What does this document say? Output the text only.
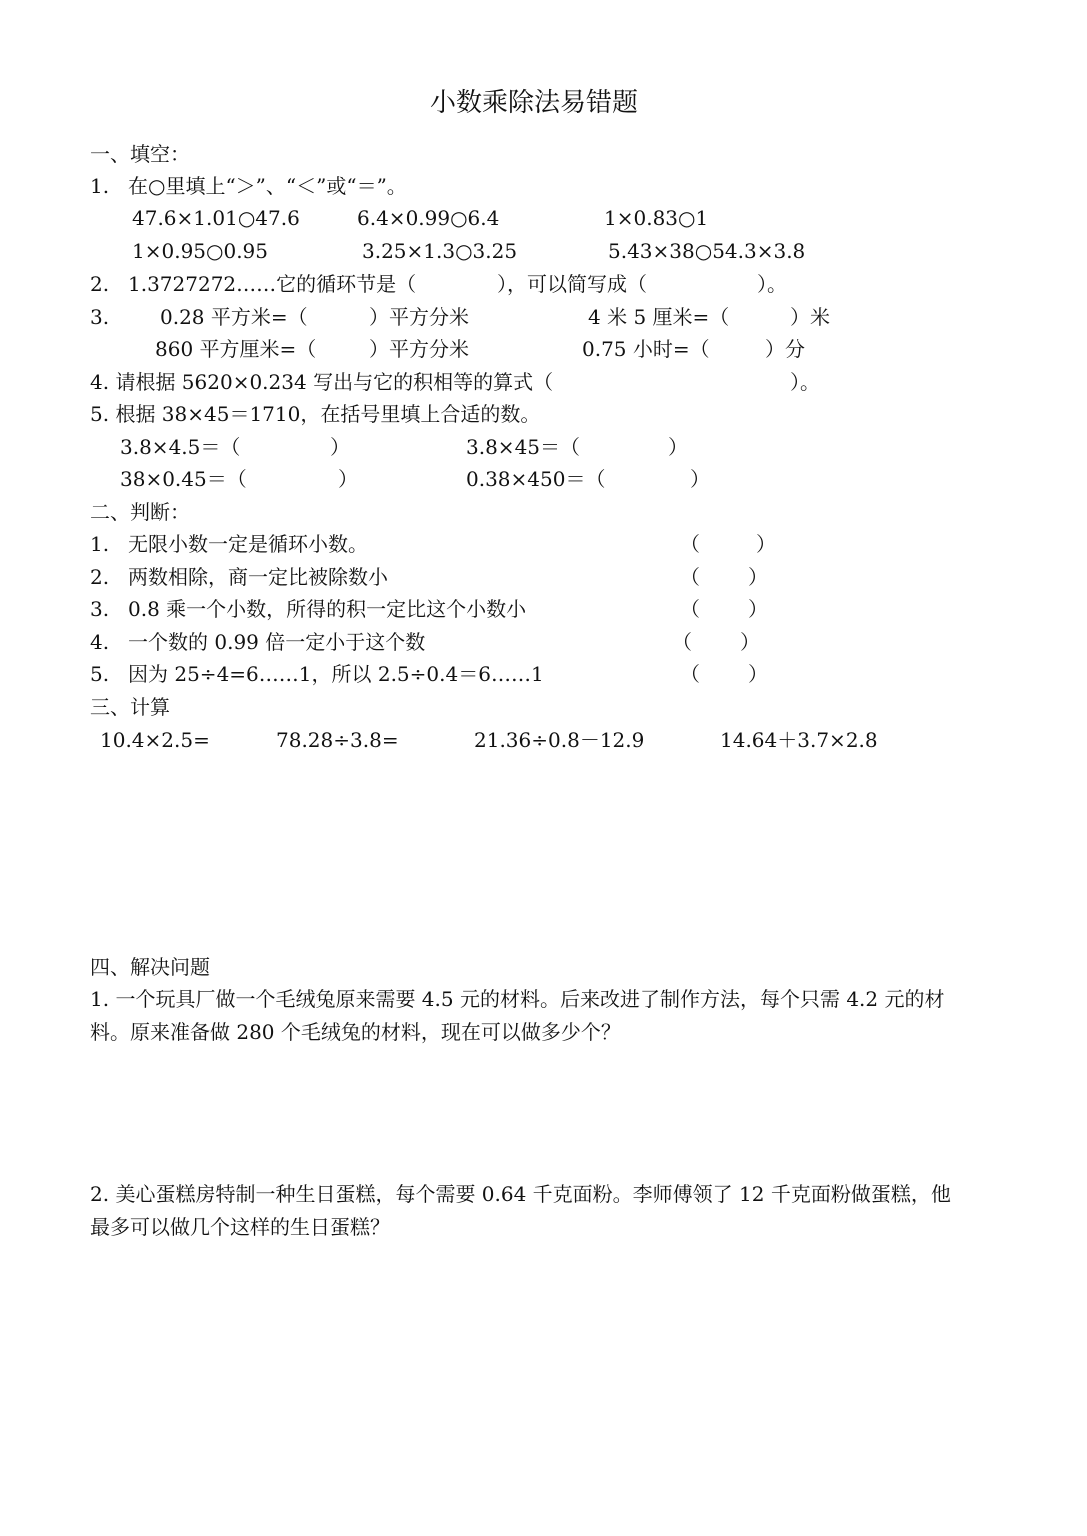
小数乘除法易错题
一、填空：
1. 在○里填上“＞”、“＜”或“＝”。
47.6×1.01○47.6	6.4×0.99○6.4	1×0.83○1
1×0.95○0.95	3.25×1.3○3.25	5.43×38○54.3×3.8
2. 1.3727272……它的循环节是（	），可以简写成（	）。
3.	0.28 平方米=（	）平方分米	4 米 5 厘米=（	）米
860 平方厘米=（	）平方分米	0.75 小时=（	）分
4. 请根据 5620×0.234 写出与它的积相等的算式（	）。
5. 根据 38×45＝1710，在括号里填上合适的数。
3.8×4.5＝（	）	3.8×45＝（	）
38×0.45＝（	）	0.38×450＝（	）
二、判断：
1. 无限小数一定是循环小数。	（	）
2. 两数相除，商一定比被除数小	（ ）
3. 0.8 乘一个小数，所得的积一定比这个小数小	（ ）
4. 一个数的 0.99 倍一定小于这个数	（ ）
5. 因为 25÷4=6……1，所以 2.5÷0.4＝6……1	（ ）
三、计算
10.4×2.5=	78.28÷3.8=	21.36÷0.8－12.9	14.64＋3.7×2.8
四、解决问题
1. 一个玩具厂做一个毛绒兔原来需要 4.5 元的材料。后来改进了制作方法，每个只需 4.2 元的材
料。原来准备做 280 个毛绒兔的材料，现在可以做多少个？
2. 美心蛋糕房特制一种生日蛋糕，每个需要 0.64 千克面粉。李师傅领了 12 千克面粉做蛋糕，他
最多可以做几个这样的生日蛋糕？
